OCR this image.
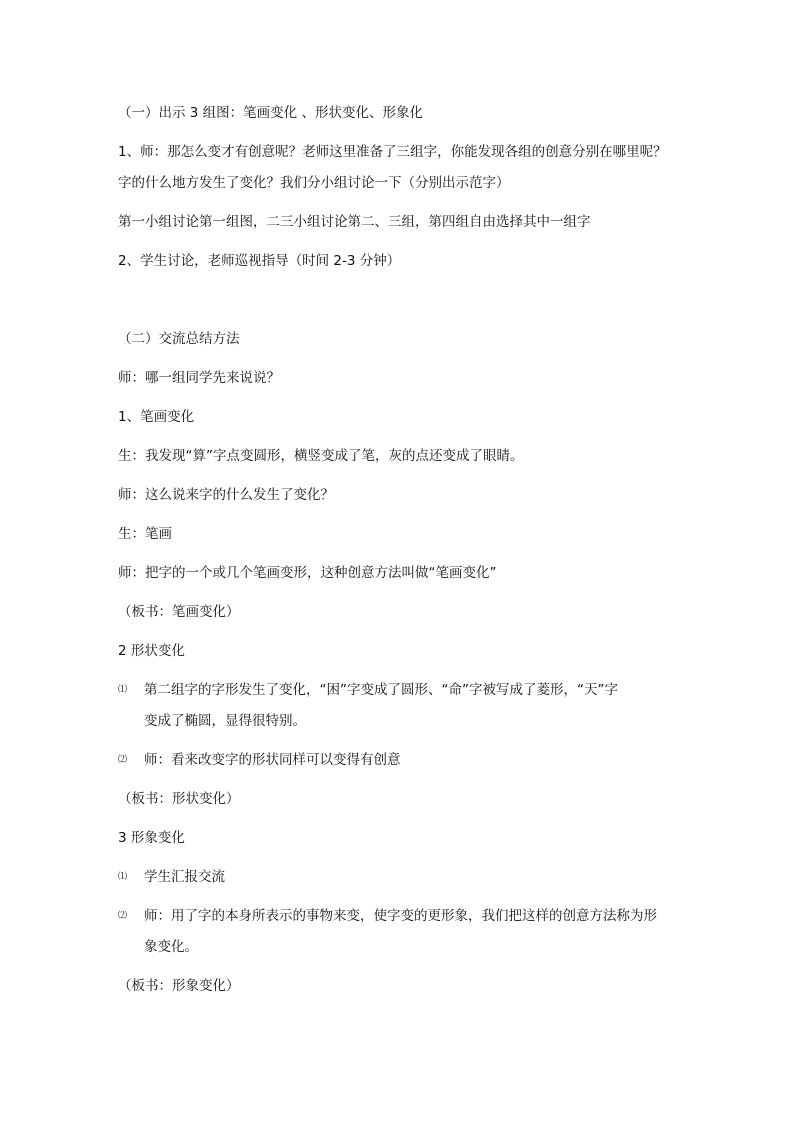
（一）出示 3 组图：笔画变化 、形状变化、形象化
1、师：那怎么变才有创意呢？老师这里准备了三组字，你能发现各组的创意分别在哪里呢？
字的什么地方发生了变化？我们分小组讨论一下（分别出示范字）
第一小组讨论第一组图，二三小组讨论第二、三组，第四组自由选择其中一组字
2、学生讨论，老师巡视指导（时间 2-3 分钟）
（二）交流总结方法
师：哪一组同学先来说说？
1、笔画变化
生：我发现“算”字点变圆形，横竖变成了笔，灰的点还变成了眼睛。
师：这么说来字的什么发生了变化？
生：笔画
师：把字的一个或几个笔画变形，这种创意方法叫做“笔画变化”
（板书：笔画变化）
2 形状变化
⑴ 第二组字的字形发生了变化，“困”字变成了圆形、“命”字被写成了菱形，“天”字
变成了椭圆，显得很特别。
⑵ 师：看来改变字的形状同样可以变得有创意
（板书：形状变化）
3 形象变化
⑴ 学生汇报交流
⑵ 师：用了字的本身所表示的事物来变，使字变的更形象，我们把这样的创意方法称为形
象变化。
（板书：形象变化）
